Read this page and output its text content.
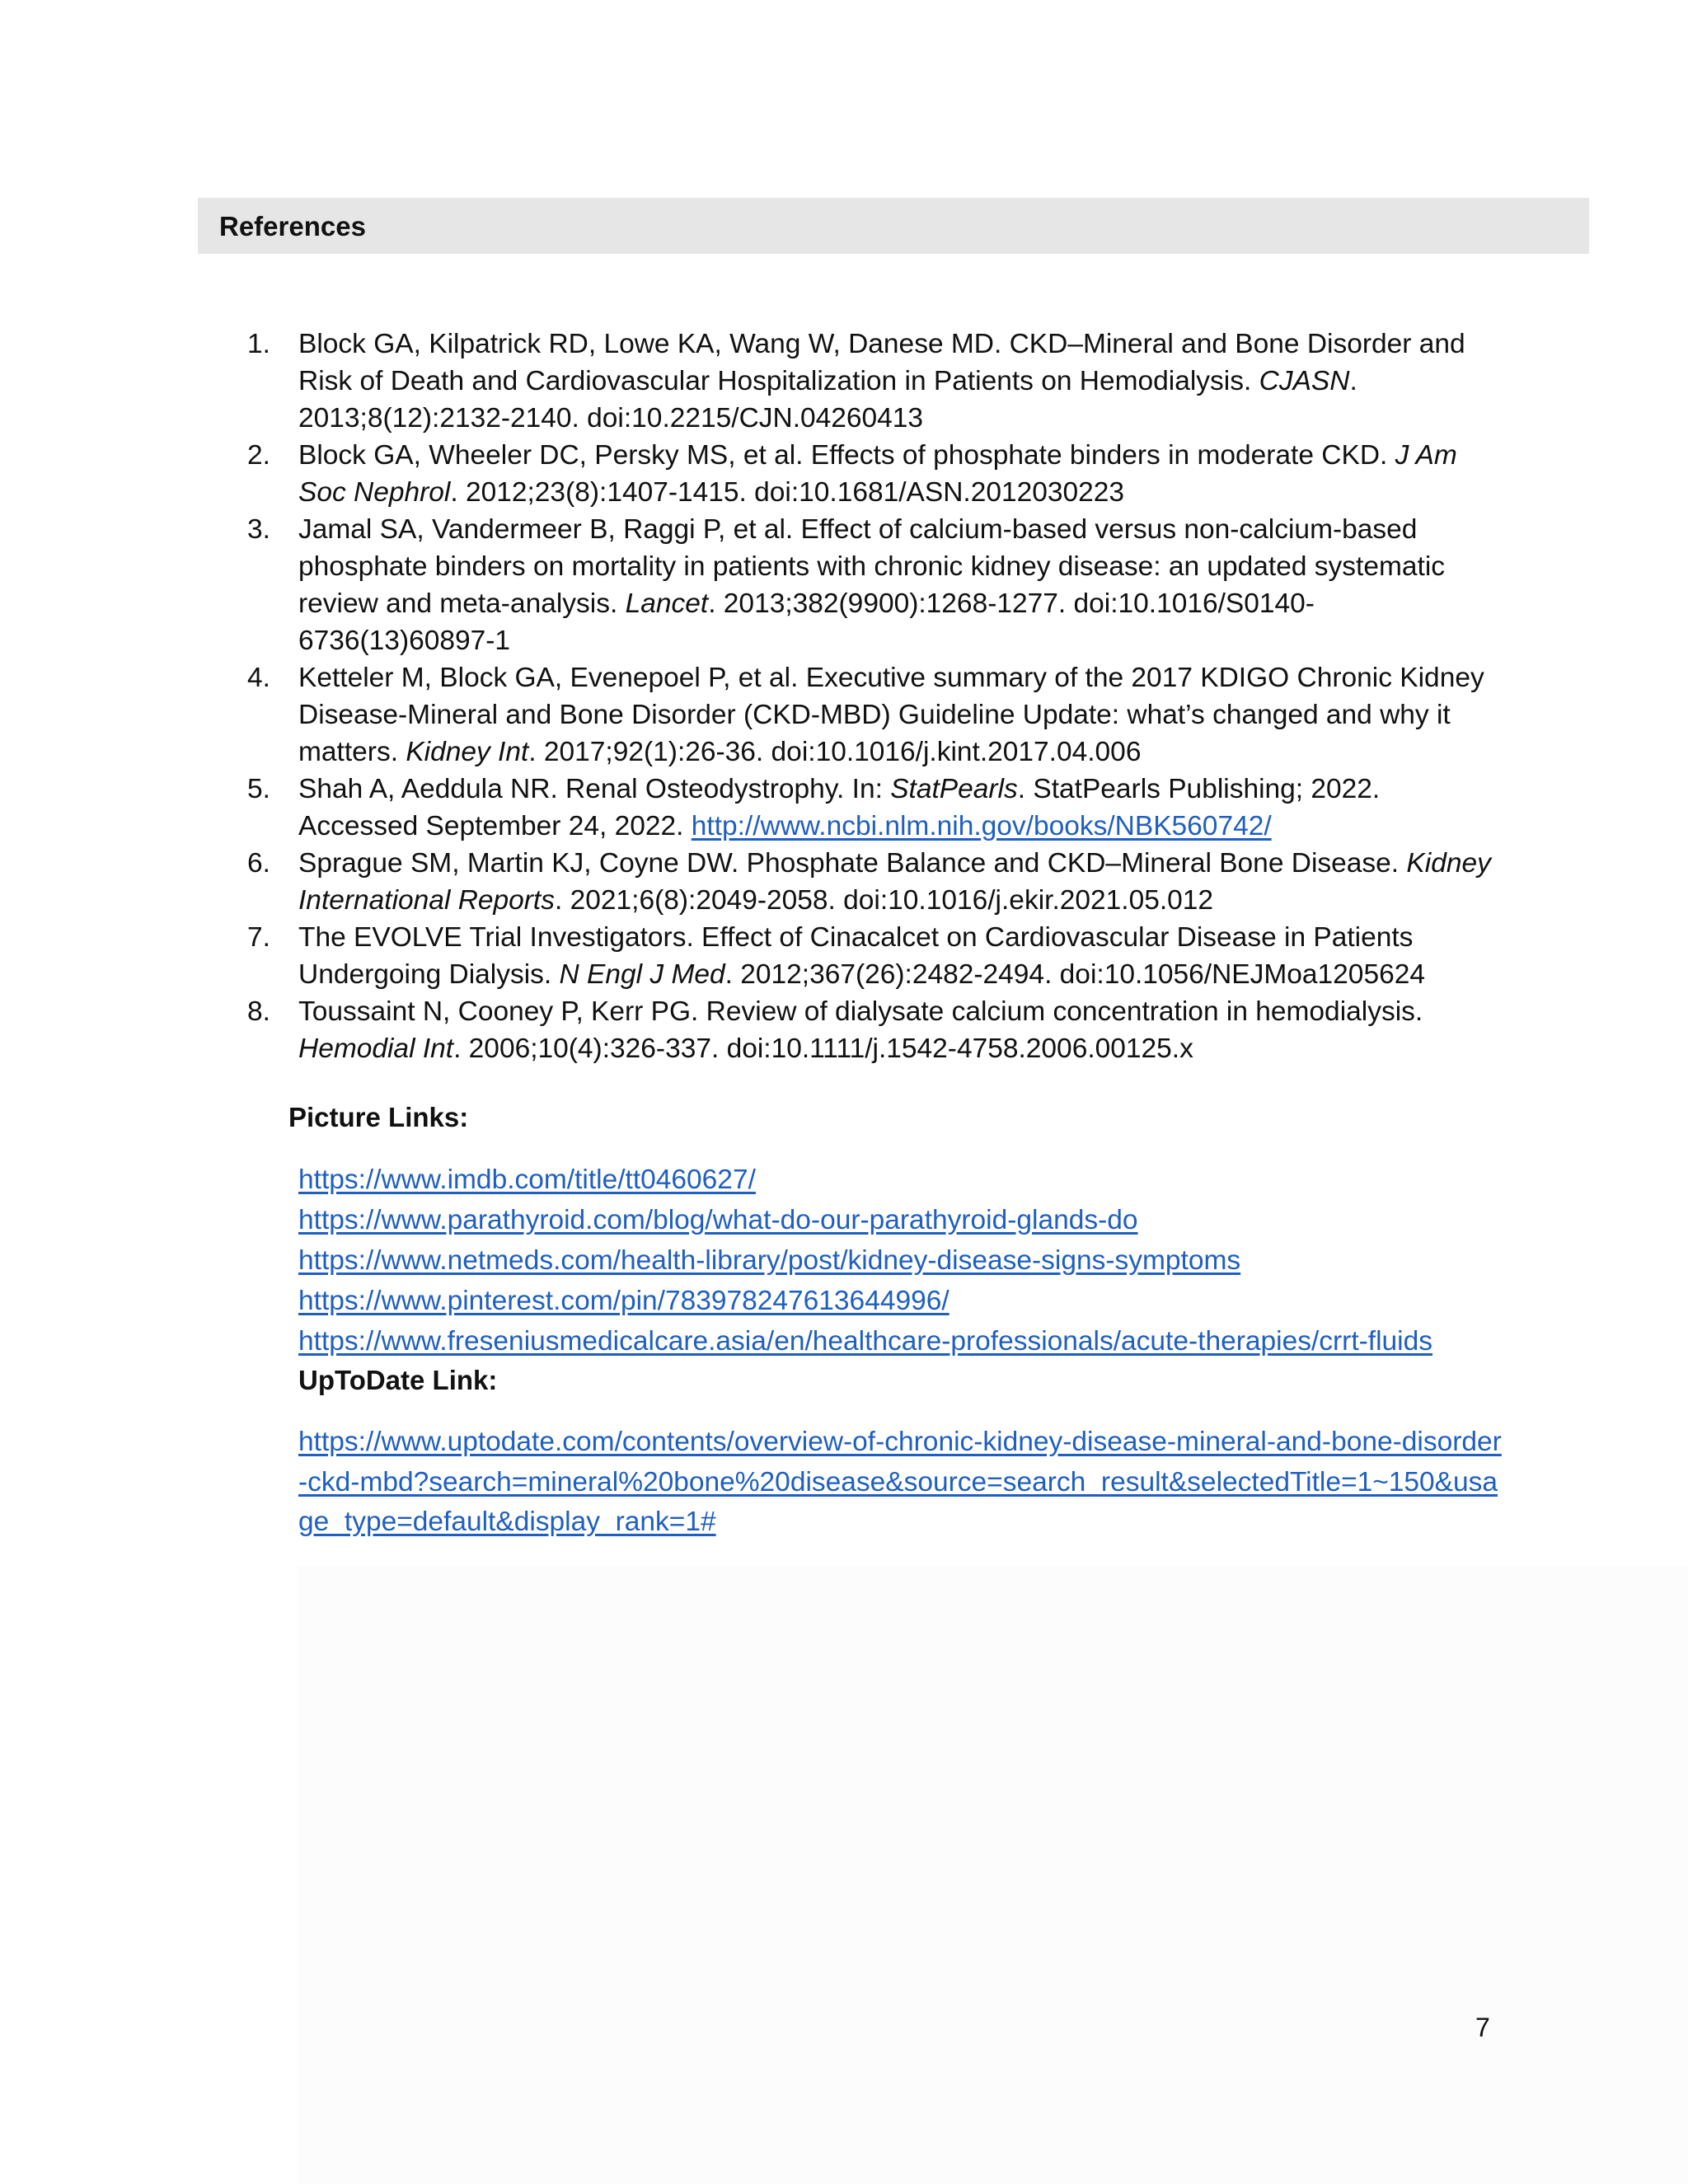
References
1. Block GA, Kilpatrick RD, Lowe KA, Wang W, Danese MD. CKD–Mineral and Bone Disorder and Risk of Death and Cardiovascular Hospitalization in Patients on Hemodialysis. CJASN. 2013;8(12):2132-2140. doi:10.2215/CJN.04260413
2. Block GA, Wheeler DC, Persky MS, et al. Effects of phosphate binders in moderate CKD. J Am Soc Nephrol. 2012;23(8):1407-1415. doi:10.1681/ASN.2012030223
3. Jamal SA, Vandermeer B, Raggi P, et al. Effect of calcium-based versus non-calcium-based phosphate binders on mortality in patients with chronic kidney disease: an updated systematic review and meta-analysis. Lancet. 2013;382(9900):1268-1277. doi:10.1016/S0140-6736(13)60897-1
4. Ketteler M, Block GA, Evenepoel P, et al. Executive summary of the 2017 KDIGO Chronic Kidney Disease-Mineral and Bone Disorder (CKD-MBD) Guideline Update: what’s changed and why it matters. Kidney Int. 2017;92(1):26-36. doi:10.1016/j.kint.2017.04.006
5. Shah A, Aeddula NR. Renal Osteodystrophy. In: StatPearls. StatPearls Publishing; 2022. Accessed September 24, 2022. http://www.ncbi.nlm.nih.gov/books/NBK560742/
6. Sprague SM, Martin KJ, Coyne DW. Phosphate Balance and CKD–Mineral Bone Disease. Kidney International Reports. 2021;6(8):2049-2058. doi:10.1016/j.ekir.2021.05.012
7. The EVOLVE Trial Investigators. Effect of Cinacalcet on Cardiovascular Disease in Patients Undergoing Dialysis. N Engl J Med. 2012;367(26):2482-2494. doi:10.1056/NEJMoa1205624
8. Toussaint N, Cooney P, Kerr PG. Review of dialysate calcium concentration in hemodialysis. Hemodial Int. 2006;10(4):326-337. doi:10.1111/j.1542-4758.2006.00125.x
Picture Links:
https://www.imdb.com/title/tt0460627/
https://www.parathyroid.com/blog/what-do-our-parathyroid-glands-do
https://www.netmeds.com/health-library/post/kidney-disease-signs-symptoms
https://www.pinterest.com/pin/783978247613644996/
https://www.freseniusmedicalcare.asia/en/healthcare-professionals/acute-therapies/crrt-fluids
UpToDate Link:
https://www.uptodate.com/contents/overview-of-chronic-kidney-disease-mineral-and-bone-disorder-ckd-mbd?search=mineral%20bone%20disease&source=search_result&selectedTitle=1~150&usage_type=default&display_rank=1#
7
